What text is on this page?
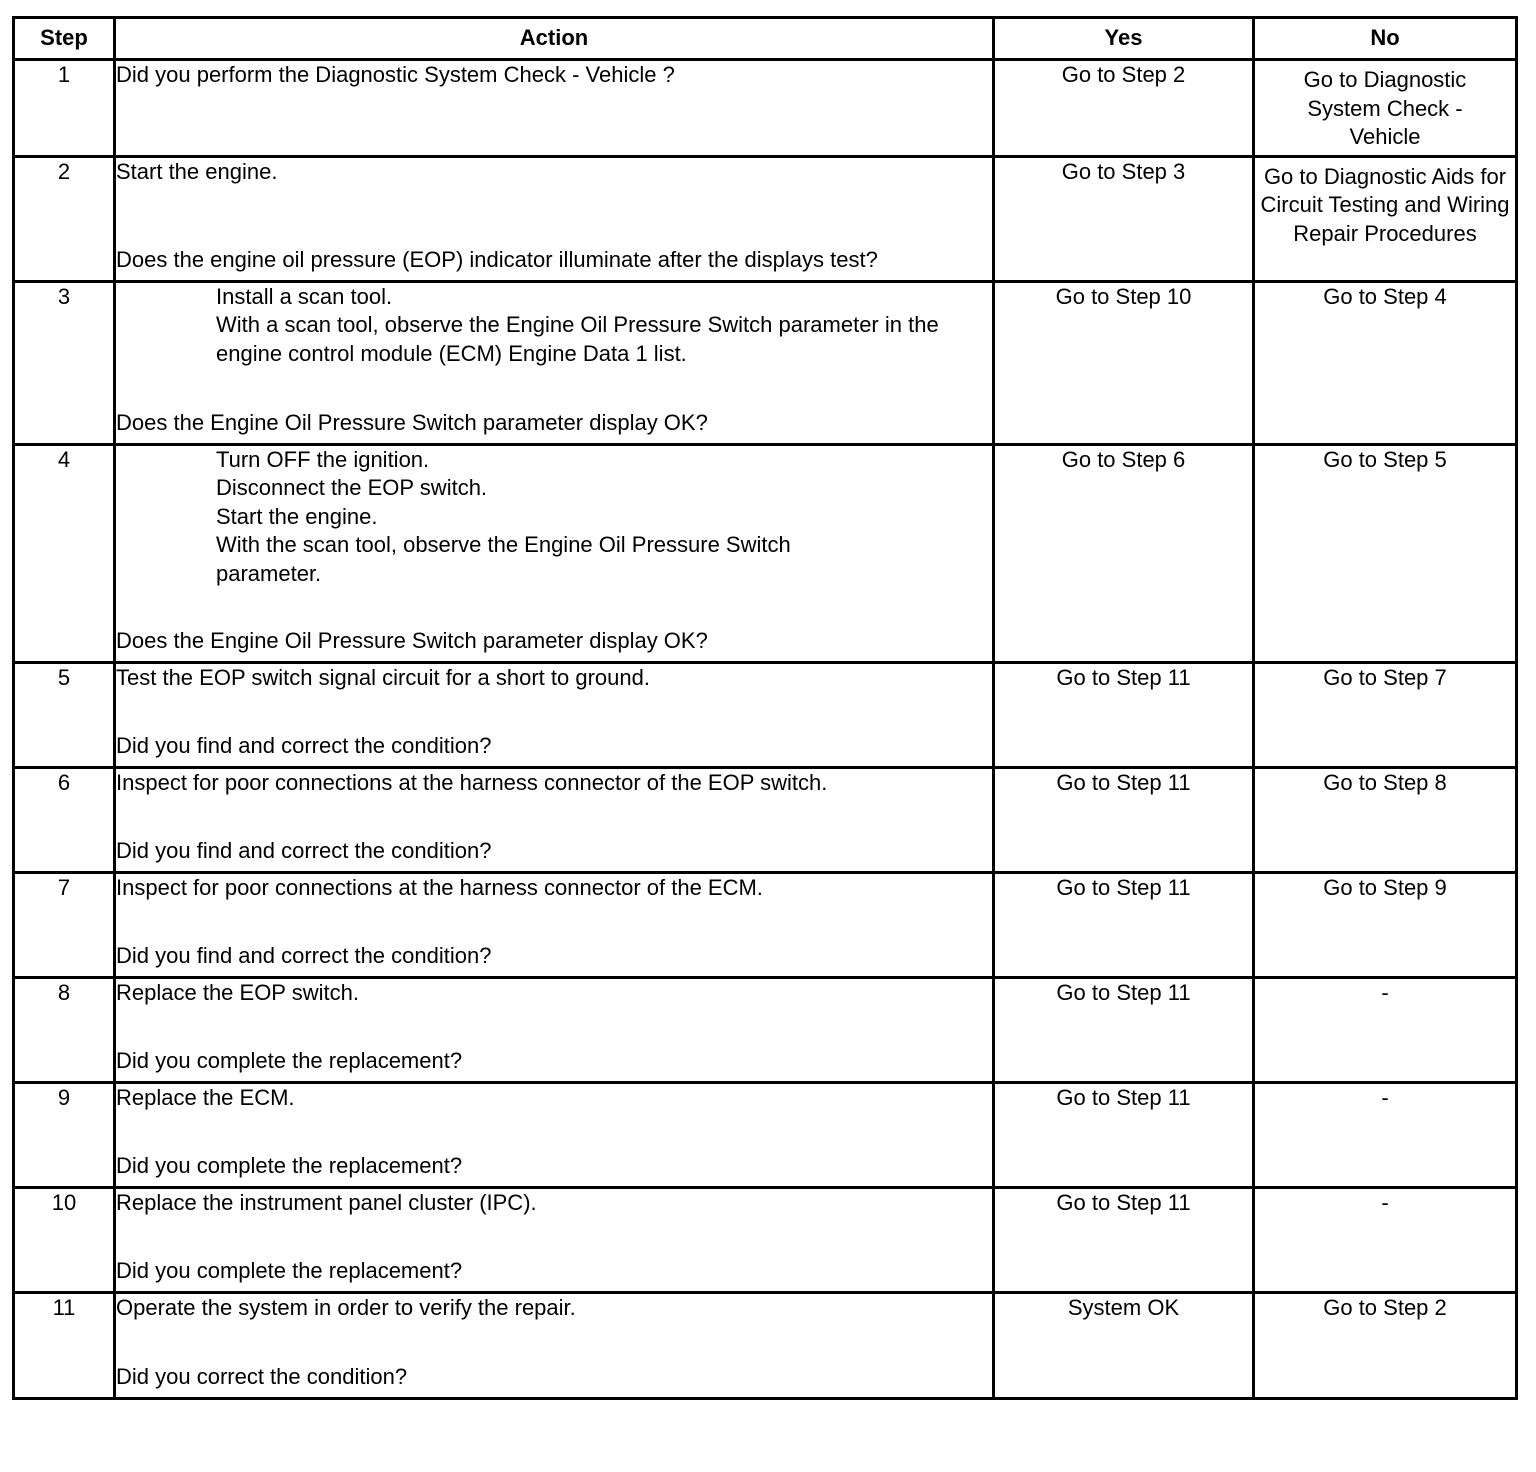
Step	Action	Yes	No
1	Did you perform the Diagnostic System Check - Vehicle ?	Go to Step 2	Go to Diagnostic System Check - Vehicle
2	Start the engine.
Does the engine oil pressure (EOP) indicator illuminate after the displays test?	Go to Step 3	Go to Diagnostic Aids for Circuit Testing and Wiring Repair Procedures
3	Install a scan tool.
With a scan tool, observe the Engine Oil Pressure Switch parameter in the engine control module (ECM) Engine Data 1 list.
Does the Engine Oil Pressure Switch parameter display OK?	Go to Step 10	Go to Step 4
4	Turn OFF the ignition.
Disconnect the EOP switch.
Start the engine.
With the scan tool, observe the Engine Oil Pressure Switch parameter.
Does the Engine Oil Pressure Switch parameter display OK?	Go to Step 6	Go to Step 5
5	Test the EOP switch signal circuit for a short to ground.
Did you find and correct the condition?	Go to Step 11	Go to Step 7
6	Inspect for poor connections at the harness connector of the EOP switch.
Did you find and correct the condition?	Go to Step 11	Go to Step 8
7	Inspect for poor connections at the harness connector of the ECM.
Did you find and correct the condition?	Go to Step 11	Go to Step 9
8	Replace the EOP switch.
Did you complete the replacement?	Go to Step 11	-
9	Replace the ECM.
Did you complete the replacement?	Go to Step 11	-
10	Replace the instrument panel cluster (IPC).
Did you complete the replacement?	Go to Step 11	-
11	Operate the system in order to verify the repair.
Did you correct the condition?	System OK	Go to Step 2
